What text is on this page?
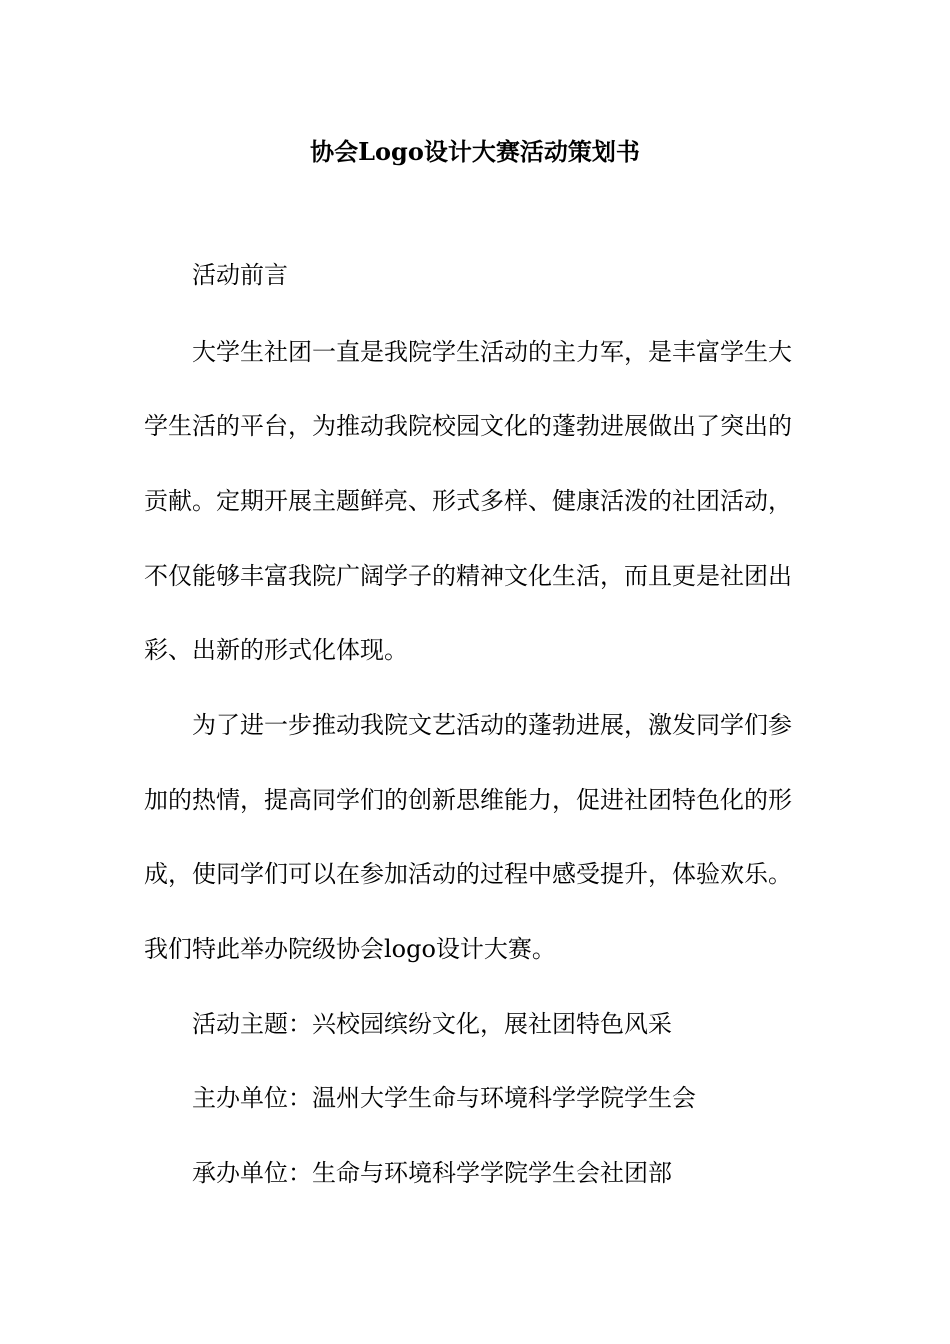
协会Logo设计大赛活动策划书
活动前言
大学生社团一直是我院学生活动的主力军，是丰富学生大
学生活的平台，为推动我院校园文化的蓬勃进展做出了突出的
贡献。定期开展主题鲜亮、形式多样、健康活泼的社团活动，
不仅能够丰富我院广阔学子的精神文化生活，而且更是社团出
彩、出新的形式化体现。
为了进一步推动我院文艺活动的蓬勃进展，激发同学们参
加的热情，提高同学们的创新思维能力，促进社团特色化的形
成，使同学们可以在参加活动的过程中感受提升，体验欢乐。
我们特此举办院级协会logo设计大赛。
活动主题：兴校园缤纷文化，展社团特色风采
主办单位：温州大学生命与环境科学学院学生会
承办单位：生命与环境科学学院学生会社团部
